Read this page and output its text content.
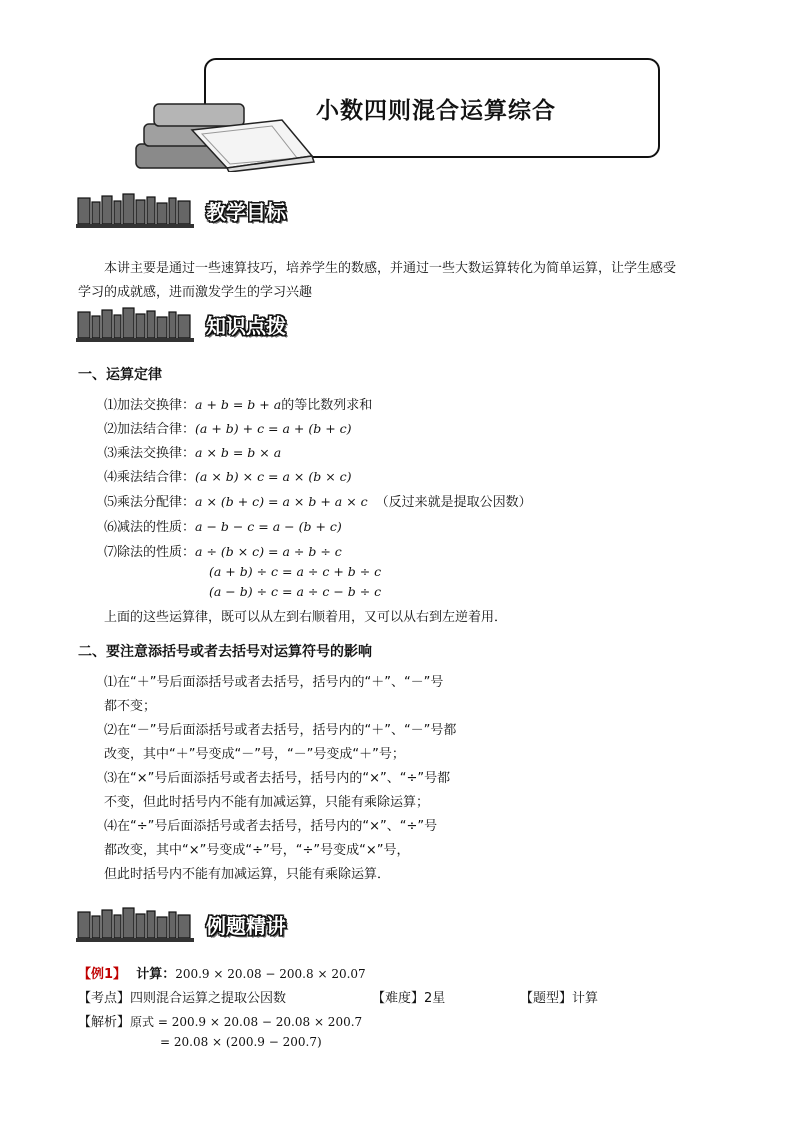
小数四则混合运算综合
教学目标
本讲主要是通过一些速算技巧，培养学生的数感，并通过一些大数运算转化为简单运算，让学生感受
学习的成就感，进而激发学生的学习兴趣
知识点拨
一、运算定律
⑴加法交换律：a + b = b + a的等比数列求和
⑵加法结合律：(a + b) + c = a + (b + c)
⑶乘法交换律：a × b = b × a
⑷乘法结合律：(a × b) × c = a × (b × c)
⑸乘法分配律：a × (b + c) = a × b + a × c （反过来就是提取公因数）
⑹减法的性质：a − b − c = a − (b + c)
⑺除法的性质：a ÷ (b × c) = a ÷ b ÷ c
(a + b) ÷ c = a ÷ c + b ÷ c
(a − b) ÷ c = a ÷ c − b ÷ c
上面的这些运算律，既可以从左到右顺着用，又可以从右到左逆着用．
二、要注意添括号或者去括号对运算符号的影响
⑴在“＋”号后面添括号或者去括号，括号内的“＋”、“－”号
都不变；
⑵在“－”号后面添括号或者去括号，括号内的“＋”、“－”号都
改变，其中“＋”号变成“－”号，“－”号变成“＋”号；
⑶在“×”号后面添括号或者去括号，括号内的“×”、“÷”号都
不变，但此时括号内不能有加减运算，只能有乘除运算；
⑷在“÷”号后面添括号或者去括号，括号内的“×”、“÷”号
都改变，其中“×”号变成“÷”号，“÷”号变成“×”号，
但此时括号内不能有加减运算，只能有乘除运算．
例题精讲
【例1】 计算：200.9 × 20.08 − 200.8 × 20.07
【考点】四则混合运算之提取公因数	【难度】2星	【题型】计算
【解析】原式 = 200.9 × 20.08 − 20.08 × 200.7
= 20.08 × (200.9 − 200.7)
